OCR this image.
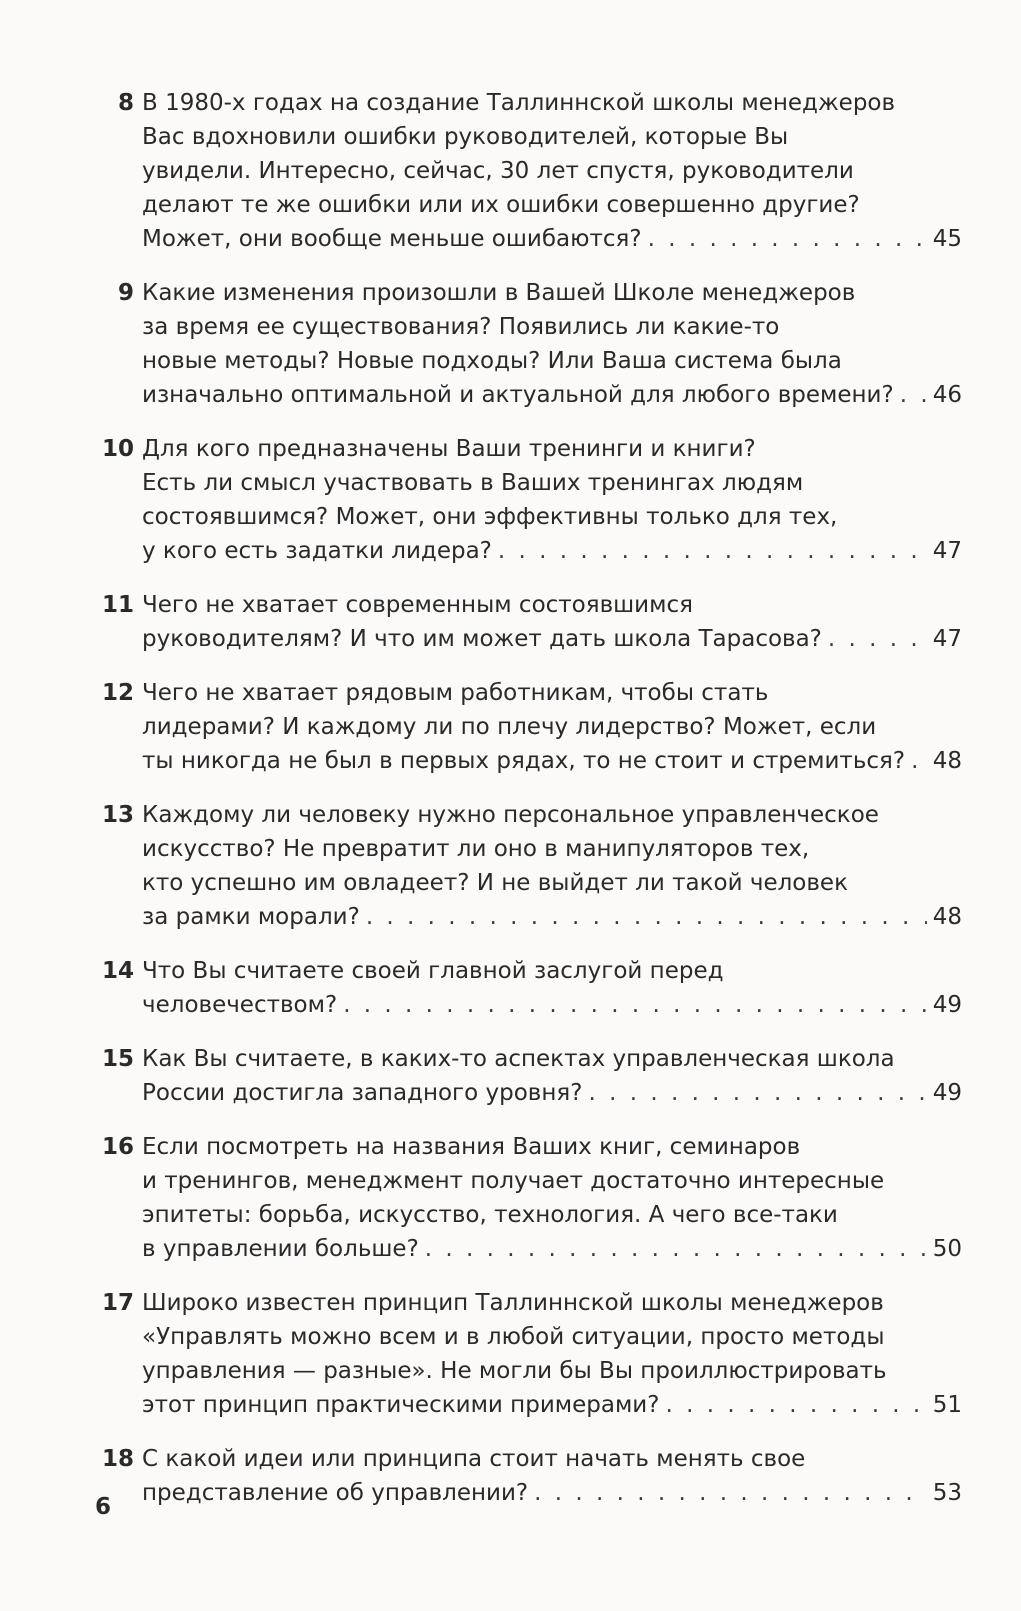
8 В 1980-х годах на создание Таллиннской школы менеджеров
Вас вдохновили ошибки руководителей, которые Вы
увидели. Интересно, сейчас, 30 лет спустя, руководители
делают те же ошибки или их ошибки совершенно другие?
Может, они вообще меньше ошибаются? . . .	45
9 Какие изменения произошли в Вашей Школе менеджеров
за время ее существования? Появились ли какие-то
новые методы? Новые подходы? Или Ваша система была
изначально оптимальной и актуальной для любого времени? . . . 46
10 Для кого предназначены Ваши тренинги и книги?
Есть ли смысл участвовать в Ваших тренингах людям
состоявшимся? Может, они эффективны только для тех,
у кого есть задатки лидера? . . .	47
11 Чего не хватает современным состоявшимся
руководителям? И что им может дать школа Тарасова? . . .	47
12 Чего не хватает рядовым работникам, чтобы стать
лидерами? И каждому ли по плечу лидерство? Может, если
ты никогда не был в первых рядах, то не стоит и стремиться? . . . 48
13 Каждому ли человеку нужно персональное управленческое
искусство? Не превратит ли оно в манипуляторов тех,
кто успешно им овладеет? И не выйдет ли такой человек
за рамки морали? . . .	48
14 Что Вы считаете своей главной заслугой перед
человечеством? . . .	49
15 Как Вы считаете, в каких-то аспектах управленческая школа
России достигла западного уровня? . . .	49
16 Если посмотреть на названия Ваших книг, семинаров
и тренингов, менеджмент получает достаточно интересные
эпитеты: борьба, искусство, технология. А чего все-таки
в управлении больше? . . .	50
17 Широко известен принцип Таллиннской школы менеджеров
«Управлять можно всем и в любой ситуации, просто методы
управления — разные». Не могли бы Вы проиллюстрировать
этот принцип практическими примерами? . . .	51
18 С какой идеи или принципа стоит начать менять свое
представление об управлении? . . .	53
6
